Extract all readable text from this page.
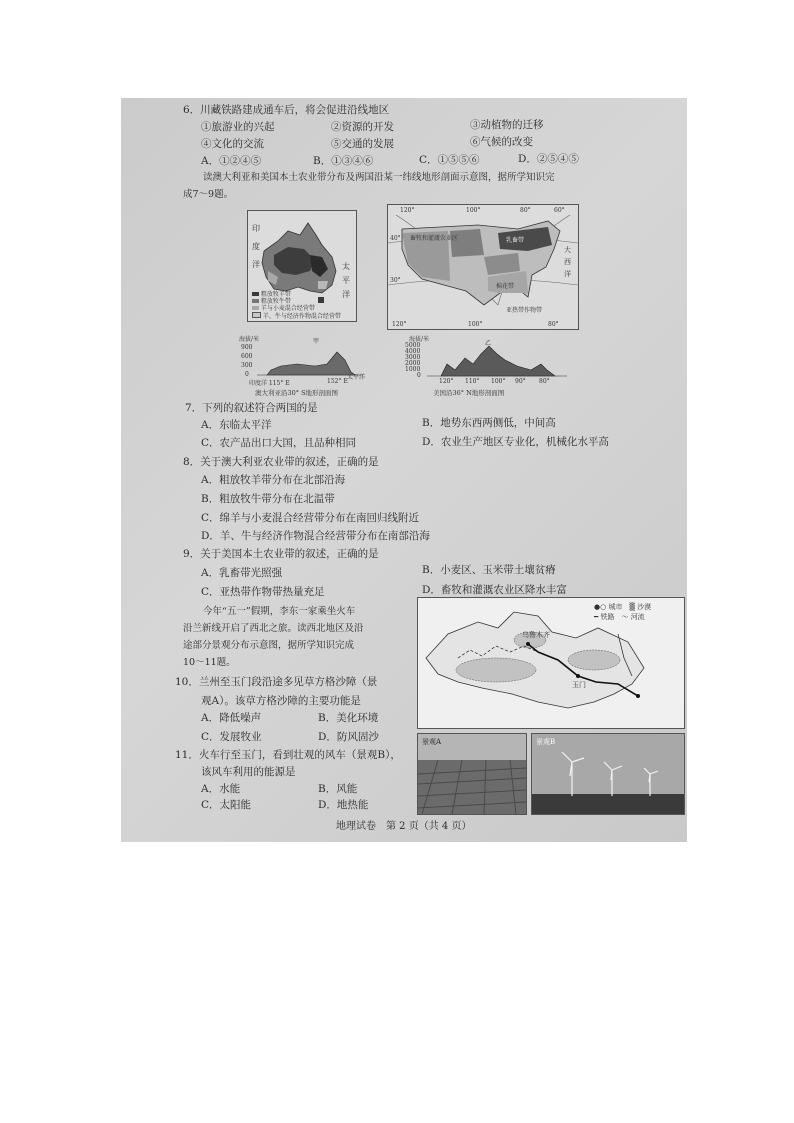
6．川藏铁路建成通车后，将会促进沿线地区
①旅游业的兴起	②资源的开发	③动植物的迁移
④文化的交流	⑤交通的发展	⑥气候的改变
A．①②④⑤	B．①③④⑥	C．①⑤⑤⑥	D．②⑤④⑤
读澳大利亚和美国本土农业带分布及两国沿某一纬线地形剖面示意图，据所学知识完
成7～9题。
印
度
洋	太
平
洋
粗放牧羊带
粗放牧牛带
羊与小麦混合经营带
羊、牛与经济作物混合经营带
120°	100°	80°	60°
40°
30°
120°	100°	80°
畜牧和灌溉农业区	乳畜带
棉花带
亚热带作物带
大
西
洋
海拔/米
900
600
300
0
甲
印度洋 115° E	152° E
太平洋
澳大利亚沿30° S地形剖面图
海拔/米
5000
4000
3000
2000
1000
0
乙
120° 110° 100° 90° 80°
美国沿36° N地形剖面图
7．下列的叙述符合两国的是
A．东临太平洋	B．地势东西两侧低，中间高
C．农产品出口大国，且品种相同	D．农业生产地区专业化，机械化水平高
8．关于澳大利亚农业带的叙述，正确的是
A．粗放牧羊带分布在北部沿海
B．粗放牧牛带分布在北温带
C．绵羊与小麦混合经营带分布在南回归线附近
D．羊、牛与经济作物混合经营带分布在南部沿海
9．关于美国本土农业带的叙述，正确的是
A．乳畜带光照强	B．小麦区、玉米带土壤贫瘠
C．亚热带作物带热量充足	D．畜牧和灌溉农业区降水丰富
今年“五一”假期，李东一家乘坐火车
沿兰新线开启了西北之旅。读西北地区及沿
途部分景观分布示意图，据所学知识完成
10～11题。
●○ 城市　 ▒ 沙漠
━ 铁路　 ～ 河流
乌鲁木齐
玉门
10．兰州至玉门段沿途多见草方格沙障（景
观A）。该草方格沙障的主要功能是
A．降低噪声	B．美化环境
C．发展牧业	D．防风固沙	景观A	景观B
11．火车行至玉门，看到壮观的风车（景观B），
该风车利用的能源是
A．水能	B．风能
C．太阳能	D．地热能
地理试卷　第 2 页（共 4 页）
